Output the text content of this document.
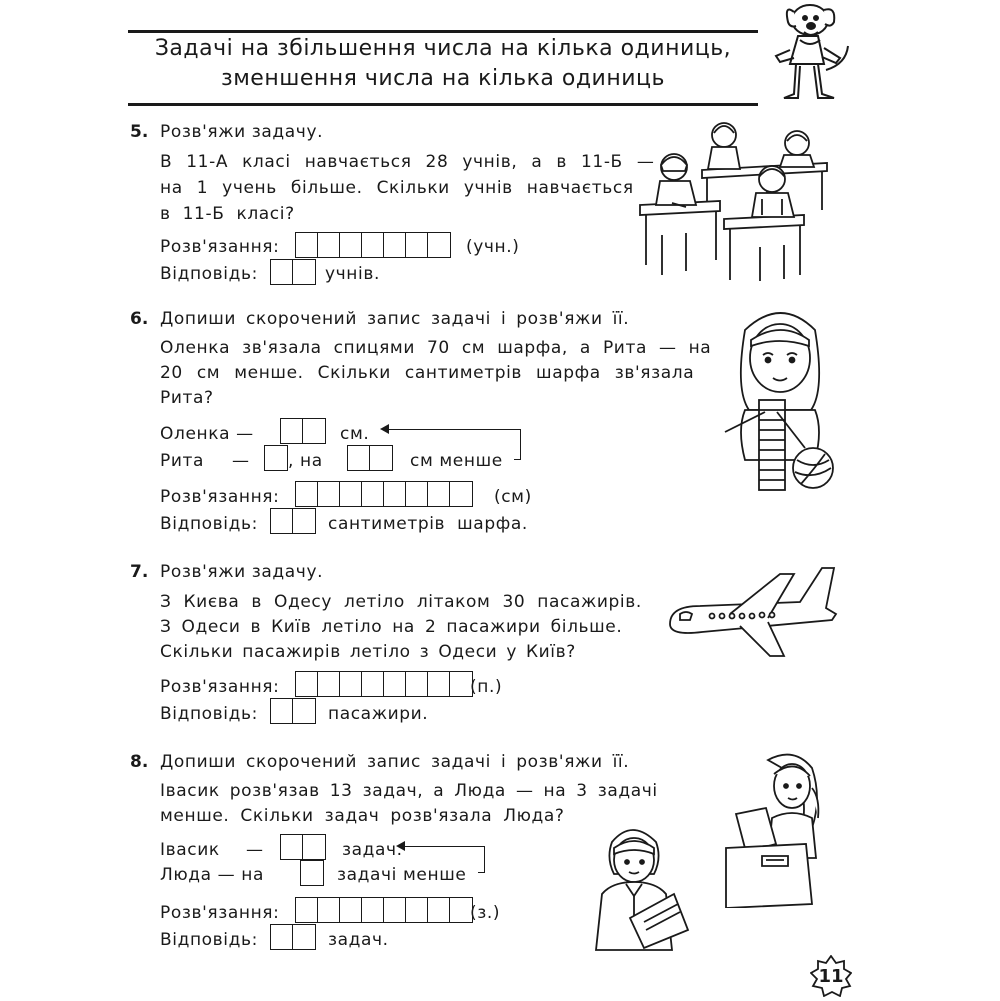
Задачі на збільшення числа на кілька одиниць,
зменшення числа на кілька одиниць
5. Розв'яжи задачу.
В 11-А класі навчається 28 учнів, а в 11-Б —
на 1 учень більше. Скільки учнів навчається
в 11-Б класі?
Розв'язання:	(учн.)
Відповідь:	учнів.
6. Допиши скорочений запис задачі і розв'яжи її.
Оленка зв'язала спицями 70 см шарфа, а Рита — на
20 см менше. Скільки сантиметрів шарфа зв'язала
Рита?
Оленка —	см.
Рита — , на	см менше
Розв'язання:	(см)
Відповідь:	сантиметрів шарфа.
7. Розв'яжи задачу.
З Києва в Одесу летіло літаком 30 пасажирів.
З Одеси в Київ летіло на 2 пасажири більше.
Скільки пасажирів летіло з Одеси у Київ?
Розв'язання:	(п.)
Відповідь:	пасажири.
8. Допиши скорочений запис задачі і розв'яжи її.
Івасик розв'язав 13 задач, а Люда — на 3 задачі
менше. Скільки задач розв'язала Люда?
Івасик —	задач.
Люда — на	задачі менше
Розв'язання:	(з.)
Відповідь:	задач.
11
